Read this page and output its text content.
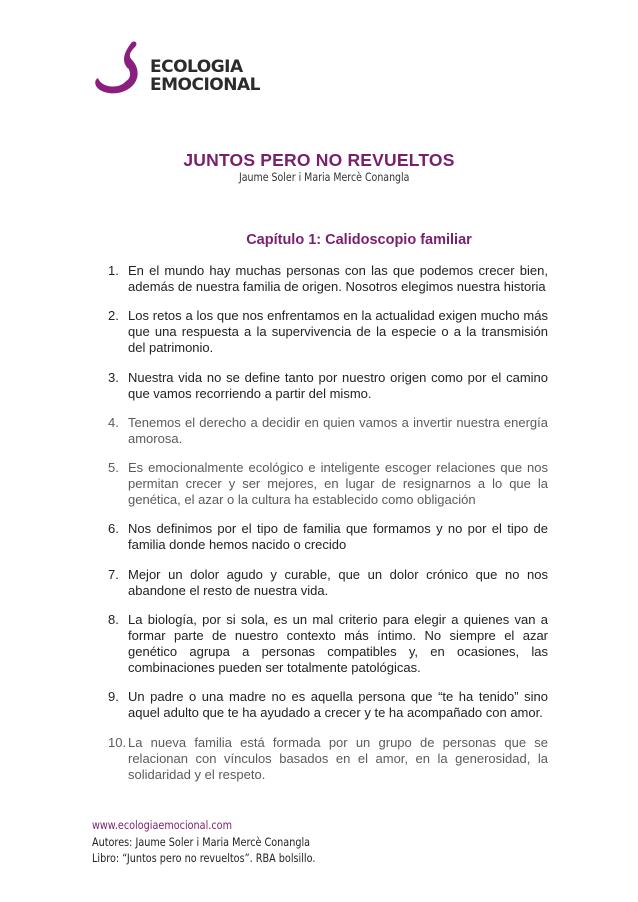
ECOLOGIA
EMOCIONAL
JUNTOS PERO NO REVUELTOS
Jaume Soler i Maria Mercè Conangla
Capítulo 1: Calidoscopio familiar
1. En el mundo hay muchas personas con las que podemos crecer bien, además de nuestra familia de origen. Nosotros elegimos nuestra historia
2. Los retos a los que nos enfrentamos en la actualidad exigen mucho más que una respuesta a la supervivencia de la especie o a la transmisión del patrimonio.
3. Nuestra vida no se define tanto por nuestro origen como por el camino que vamos recorriendo a partir del mismo.
4. Tenemos el derecho a decidir en quien vamos a invertir nuestra energía amorosa.
5. Es emocionalmente ecológico e inteligente escoger relaciones que nos permitan crecer y ser mejores, en lugar de resignarnos a lo que la genética, el azar o la cultura ha establecido como obligación
6. Nos definimos por el tipo de familia que formamos y no por el tipo de familia donde hemos nacido o crecido
7. Mejor un dolor agudo y curable, que un dolor crónico que no nos abandone el resto de nuestra vida.
8. La biología, por si sola, es un mal criterio para elegir a quienes van a formar parte de nuestro contexto más íntimo. No siempre el azar genético agrupa a personas compatibles y, en ocasiones, las combinaciones pueden ser totalmente patológicas.
9. Un padre o una madre no es aquella persona que “te ha tenido” sino aquel adulto que te ha ayudado a crecer y te ha acompañado con amor.
10. La nueva familia está formada por un grupo de personas que se relacionan con vínculos basados en el amor, en la generosidad, la solidaridad y el respeto.
www.ecologiaemocional.com
Autores: Jaume Soler i Maria Mercè Conangla
Libro: “Juntos pero no revueltos”. RBA bolsillo.
